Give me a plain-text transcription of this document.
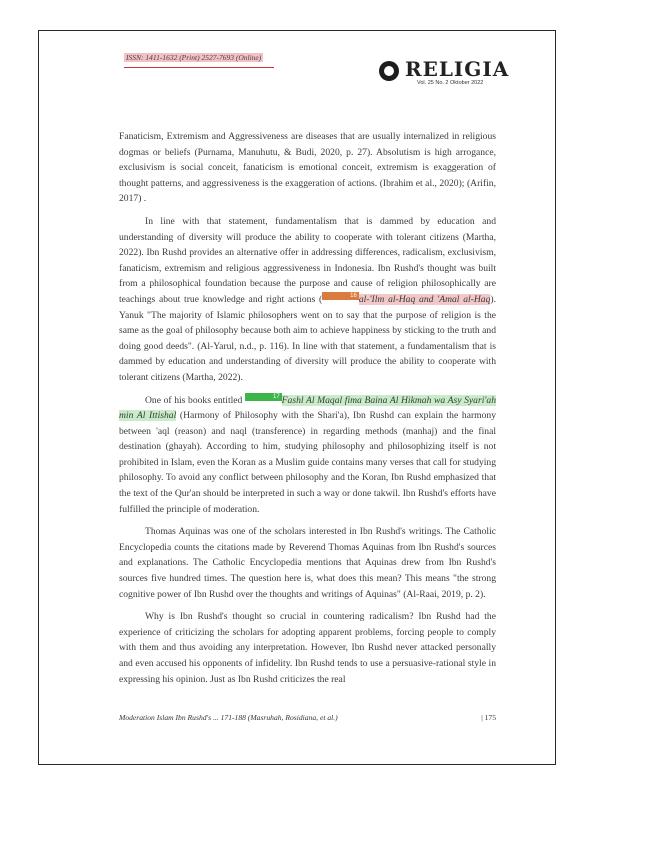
ISSN: 1411-1632 (Print) 2527-7693 (Online)	RELIGIA
Vol. 25 No. 2 Oktober 2022

Fanaticism, Extremism and Aggressiveness are diseases that are usually internalized in religious dogmas or beliefs (Purnama, Manuhutu, & Budi, 2020, p. 27). Absolutism is high arrogance, exclusivism is social conceit, fanaticism is emotional conceit, extremism is exaggeration of thought patterns, and aggressiveness is the exaggeration of actions. (Ibrahim et al., 2020); (Arifin, 2017) .

In line with that statement, fundamentalism that is dammed by education and understanding of diversity will produce the ability to cooperate with tolerant citizens (Martha, 2022). Ibn Rushd provides an alternative offer in addressing differences, radicalism, exclusivism, fanaticism, extremism and religious aggressiveness in Indonesia. Ibn Rushd's thought was built from a philosophical foundation because the purpose and cause of religion philosophically are teachings about true knowledge and right actions (	16 al-'Ilm al-Haq and 'Amal al-Haq). Yanuk "The majority of Islamic philosophers went on to say that the purpose of religion is the same as the goal of philosophy because both aim to achieve happiness by sticking to the truth and doing good deeds". (Al-Yarul, n.d., p. 116). In line with that statement, a fundamentalism that is dammed by education and understanding of diversity will produce the ability to cooperate with tolerant citizens (Martha, 2022).

One of his books entitled	17 Fashl Al Maqal fima Baina Al Hikmah wa Asy Syari'ah min Al Ittishal (Harmony of Philosophy with the Shari'a), Ibn Rushd can explain the harmony between 'aql (reason) and naql (transference) in regarding methods (manhaj) and the final destination (ghayah). According to him, studying philosophy and philosophizing itself is not prohibited in Islam, even the Koran as a Muslim guide contains many verses that call for studying philosophy. To avoid any conflict between philosophy and the Koran, Ibn Rushd emphasized that the text of the Qur'an should be interpreted in such a way or done takwil. Ibn Rushd's efforts have fulfilled the principle of moderation.

Thomas Aquinas was one of the scholars interested in Ibn Rushd's writings. The Catholic Encyclopedia counts the citations made by Reverend Thomas Aquinas from Ibn Rushd's sources and explanations. The Catholic Encyclopedia mentions that Aquinas drew from Ibn Rushd's sources five hundred times. The question here is, what does this mean? This means "the strong cognitive power of Ibn Rushd over the thoughts and writings of Aquinas" (Al-Raai, 2019, p. 2).

Why is Ibn Rushd's thought so crucial in countering radicalism? Ibn Rushd had the experience of criticizing the scholars for adopting apparent problems, forcing people to comply with them and thus avoiding any interpretation. However, Ibn Rushd never attacked personally and even accused his opponents of infidelity. Ibn Rushd tends to use a persuasive-rational style in expressing his opinion. Just as Ibn Rushd criticizes the real

Moderation Islam Ibn Rushd's ... 171-188 (Masruhah, Rosidiana, et al.)	| 175
